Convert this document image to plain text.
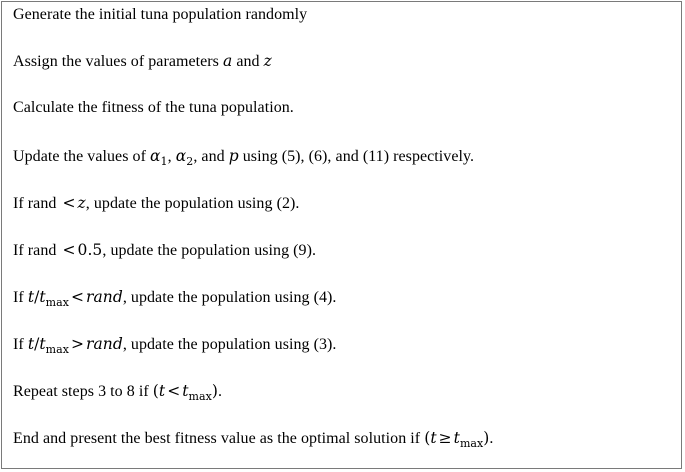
Generate the initial tuna population randomly

Assign the values of parameters a and z

Calculate the fitness of the tuna population.

Update the values of $\alpha_1$, $\alpha_2$, and p using (5), (6), and (11) respectively.

If rand < z, update the population using (2).

If rand < 0.5, update the population using (9).

If $t/t_{max}$ < rand, update the population using (4).

If $t/t_{max}$ > rand, update the population using (3).

Repeat steps 3 to 8 if $(t < t_{max})$.

End and present the best fitness value as the optimal solution if $(t \ge t_{max})$.
